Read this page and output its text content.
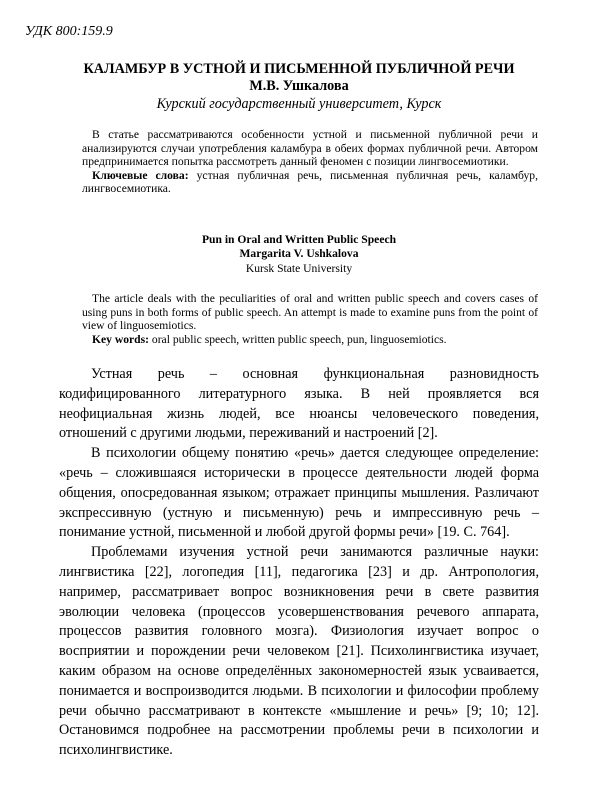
УДК 800:159.9
КАЛАМБУР В УСТНОЙ И ПИСЬМЕННОЙ ПУБЛИЧНОЙ РЕЧИ
М.В. Ушкалова
Курский государственный университет, Курск

В статье рассматриваются особенности устной и письменной публичной речи и анализируются случаи употребления каламбура в обеих формах публичной речи. Автором предпринимается попытка рассмотреть данный феномен с позиции лингвосемиотики.

Ключевые слова: устная публичная речь, письменная публичная речь, каламбур, лингвосемиотика.

Pun in Oral and Written Public Speech
Margarita V. Ushkalova
Kursk State University

The article deals with the peculiarities of oral and written public speech and covers cases of using puns in both forms of public speech. An attempt is made to examine puns from the point of view of linguosemiotics.

Key words: oral public speech, written public speech, pun, linguosemiotics.

Устная речь – основная функциональная разновидность кодифицированного литературного языка. В ней проявляется вся неофициальная жизнь людей, все нюансы человеческого поведения, отношений с другими людьми, переживаний и настроений [2].

В психологии общему понятию «речь» дается следующее определение: «речь – сложившаяся исторически в процессе деятельности людей форма общения, опосредованная языком; отражает принципы мышления. Различают экспрессивную (устную и письменную) речь и импрессивную речь – понимание устной, письменной и любой другой формы речи» [19. С. 764].

Проблемами изучения устной речи занимаются различные науки: лингвистика [22], логопедия [11], педагогика [23] и др. Антропология, например, рассматривает вопрос возникновения речи в свете развития эволюции человека (процессов усовершенствования речевого аппарата, процессов развития головного мозга). Физиология изучает вопрос о восприятии и порождении речи человеком [21]. Психолингвистика изучает, каким образом на основе определённых закономерностей язык усваивается, понимается и воспроизводится людьми. В психологии и философии проблему речи обычно рассматривают в контексте «мышление и речь» [9; 10; 12]. Остановимся подробнее на рассмотрении проблемы речи в психологии и психолингвистике.
